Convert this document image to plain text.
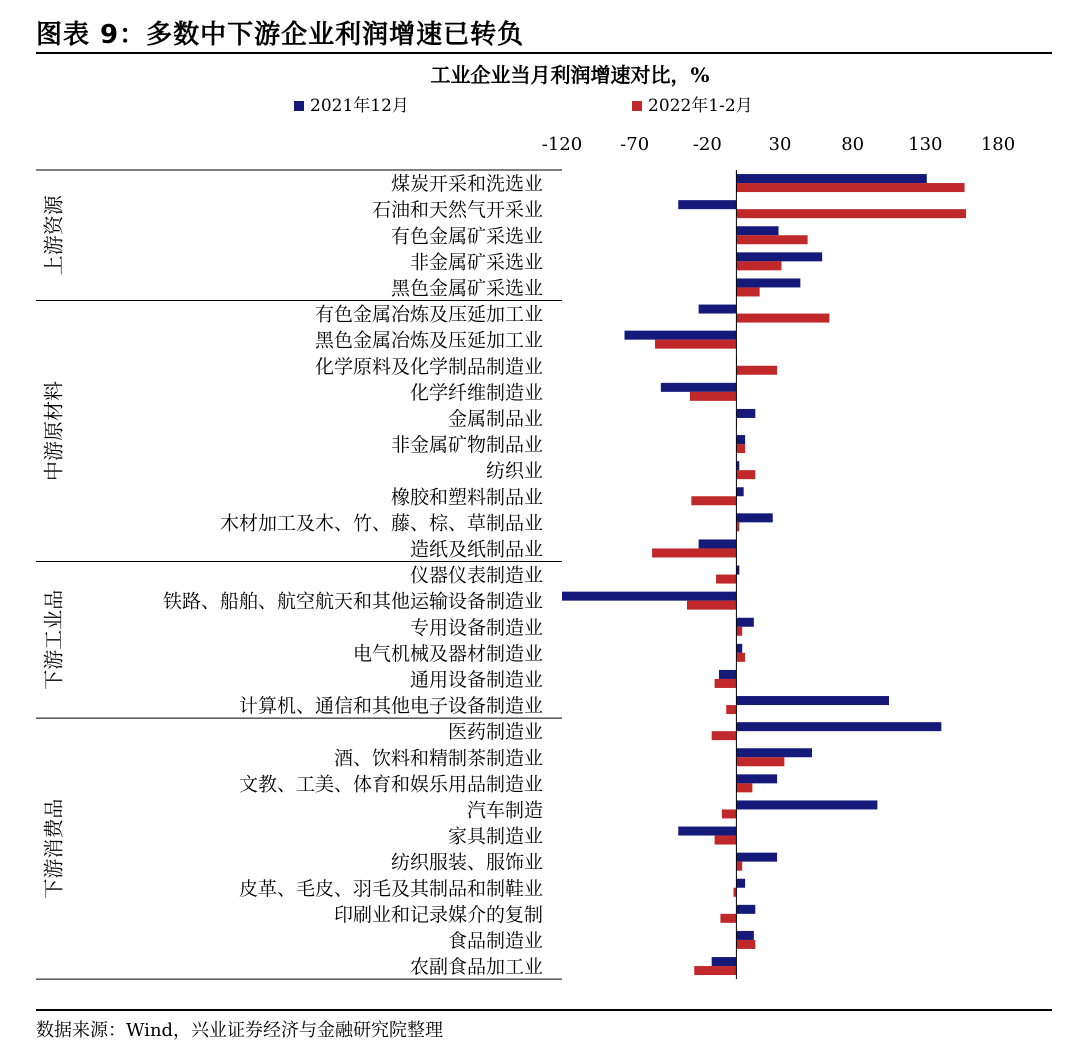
图表 9：多数中下游企业利润增速已转负
工业企业当月利润增速对比，%
2021年12月	2022年1-2月
-120 -70 -20	30	80 130 180
上游资源
中游原材料
下游工业品
下游消费品
煤炭开采和洗选业
石油和天然气开采业
有色金属矿采选业
非金属矿采选业
黑色金属矿采选业
有色金属冶炼及压延加工业
黑色金属冶炼及压延加工业
化学原料及化学制品制造业
化学纤维制造业
金属制品业
非金属矿物制品业
纺织业
橡胶和塑料制品业
木材加工及木、竹、藤、棕、草制品业
造纸及纸制品业
仪器仪表制造业
铁路、船舶、航空航天和其他运输设备制造业
专用设备制造业
电气机械及器材制造业
通用设备制造业
计算机、通信和其他电子设备制造业
医药制造业
酒、饮料和精制茶制造业
文教、工美、体育和娱乐用品制造业
汽车制造
家具制造业
纺织服装、服饰业
皮革、毛皮、羽毛及其制品和制鞋业
印刷业和记录媒介的复制
食品制造业
农副食品加工业
数据来源：Wind，兴业证券经济与金融研究院整理
